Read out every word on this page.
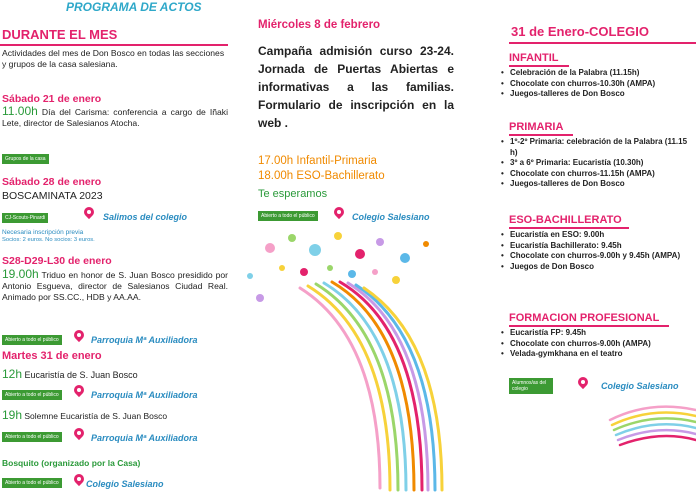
PROGRAMA DE ACTOS
DURANTE EL MES
Actividades del mes de Don Bosco en todas las secciones y grupos de la casa salesiana.
Sábado 21 de enero
11.00h Día del Carisma: conferencia a cargo de Iñaki Lete, director de Salesianos Atocha.
Grupos de la casa
Sábado 28 de enero
BOSCAMINATA 2023
CJ-Scouts-Pinardi	Salimos del colegio
Necesaria inscripción previa
Socios: 2 euros. No socios: 3 euros.
S28-D29-L30 de enero
19.00h Triduo en honor de S. Juan Bosco presidido por Antonio Esgueva, director de Salesianos Ciudad Real. Animado por SS.CC., HDB y AA.AA.
Abierto a todo el público	Parroquia Mª Auxiliadora
Martes 31 de enero
12h Eucaristía de S. Juan Bosco
Abierto a todo el público	Parroquia Mª Auxiliadora
19h Solemne Eucaristía de S. Juan Bosco
Abierto a todo el público	Parroquia Mª Auxiliadora
Bosquito (organizado por la Casa)
Abierto a todo el público	Colegio Salesiano
Miércoles 8 de febrero
Campaña admisión curso 23-24. Jornada de Puertas Abiertas e informativas a las familias. Formulario de inscripción en la web .
17.00h Infantil-Primaria
18.00h ESO-Bachillerato
Te esperamos
Abierto a todo el público	Colegio Salesiano
31 de Enero-COLEGIO
INFANTIL
• Celebración de la Palabra (11.15h)
• Chocolate con churros-10.30h (AMPA)
• Juegos-talleres de Don Bosco
PRIMARIA
• 1º-2º Primaria: celebración de la Palabra (11.15 h)
• 3º a 6º Primaria: Eucaristía (10.30h)
• Chocolate con churros-11.15h (AMPA)
• Juegos-talleres de Don Bosco
ESO-BACHILLERATO
• Eucaristía en ESO: 9.00h
• Eucaristía Bachillerato: 9.45h
• Chocolate con churros-9.00h y 9.45h (AMPA)
• Juegos de Don Bosco
FORMACION PROFESIONAL
• Eucaristía FP: 9.45h
• Chocolate con churros-9.00h (AMPA)
• Velada-gymkhana en el teatro
Alumnos/as del colegio	Colegio Salesiano
